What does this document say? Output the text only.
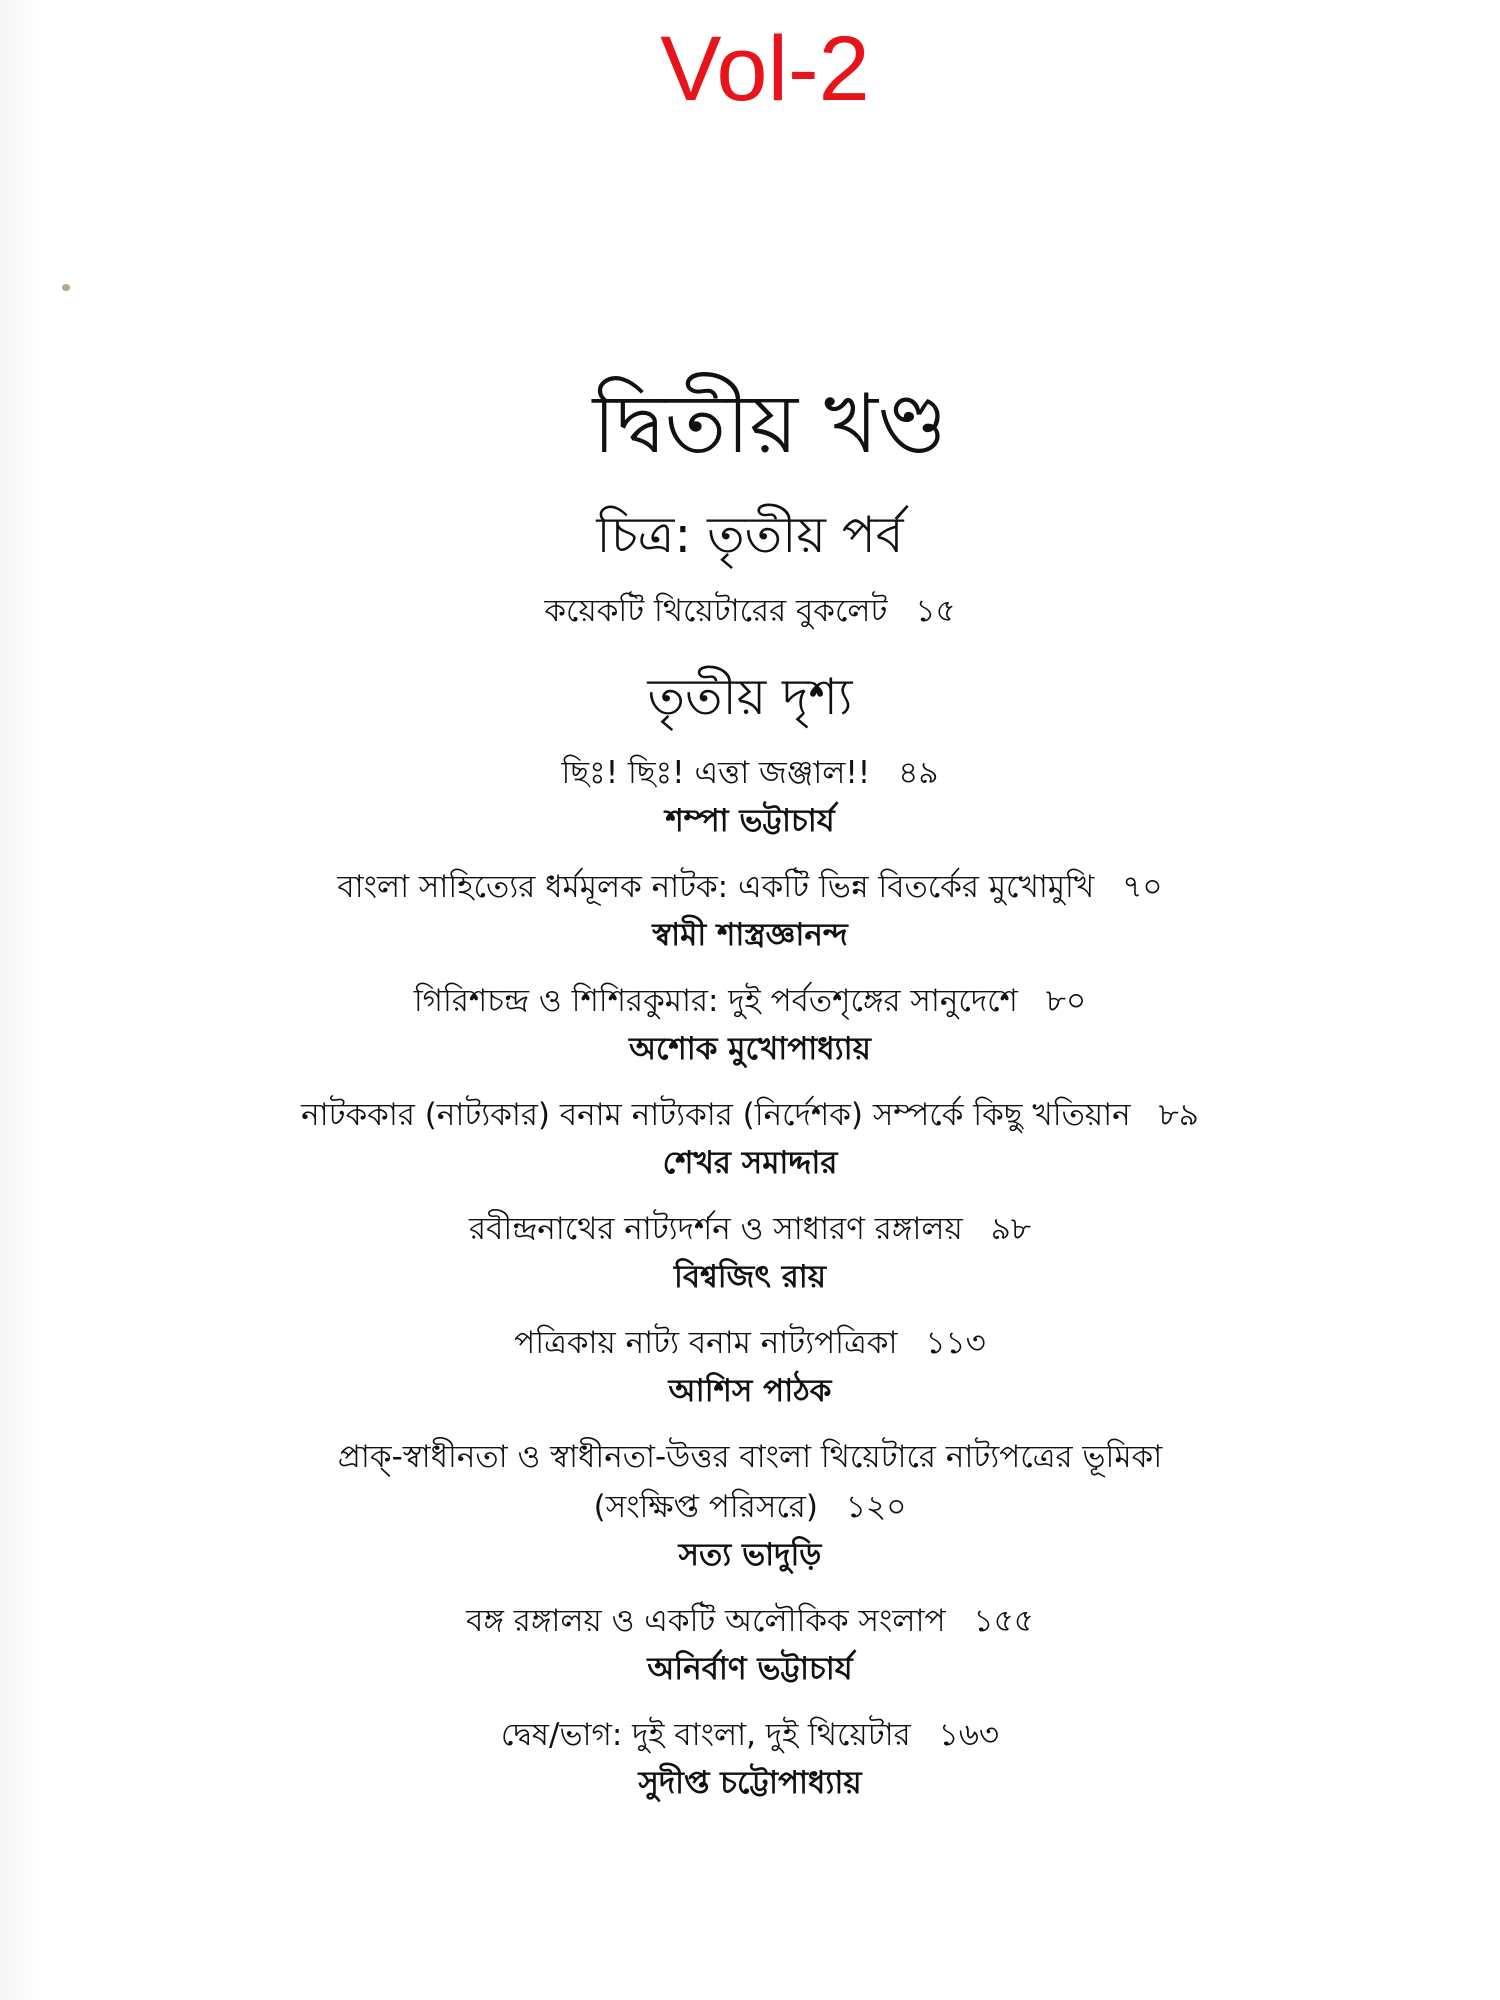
Vol-2
দ্বিতীয় খণ্ড
চিত্র: তৃতীয় পর্ব
কয়েকটি থিয়েটারের বুকলেট ১৫
তৃতীয় দৃশ্য
ছিঃ! ছিঃ! এত্তা জঞ্জাল!! ৪৯
শম্পা ভট্টাচার্য
বাংলা সাহিত্যের ধর্মমূলক নাটক: একটি ভিন্ন বিতর্কের মুখোমুখি ৭০
স্বামী শাস্ত্রজ্ঞানন্দ
গিরিশচন্দ্র ও শিশিরকুমার: দুই পর্বতশৃঙ্গের সানুদেশে ৮০
অশোক মুখোপাধ্যায়
নাটককার (নাট্যকার) বনাম নাট্যকার (নির্দেশক) সম্পর্কে কিছু খতিয়ান ৮৯
শেখর সমাদ্দার
রবীন্দ্রনাথের নাট্যদর্শন ও সাধারণ রঙ্গালয় ৯৮
বিশ্বজিৎ রায়
পত্রিকায় নাট্য বনাম নাট্যপত্রিকা ১১৩
আশিস পাঠক
প্রাক্-স্বাধীনতা ও স্বাধীনতা-উত্তর বাংলা থিয়েটারে নাট্যপত্রের ভূমিকা
(সংক্ষিপ্ত পরিসরে) ১২০
সত্য ভাদুড়ি
বঙ্গ রঙ্গালয় ও একটি অলৌকিক সংলাপ ১৫৫
অনির্বাণ ভট্টাচার্য
দ্বেষ/ভাগ: দুই বাংলা, দুই থিয়েটার ১৬৩
সুদীপ্ত চট্টোপাধ্যায়
